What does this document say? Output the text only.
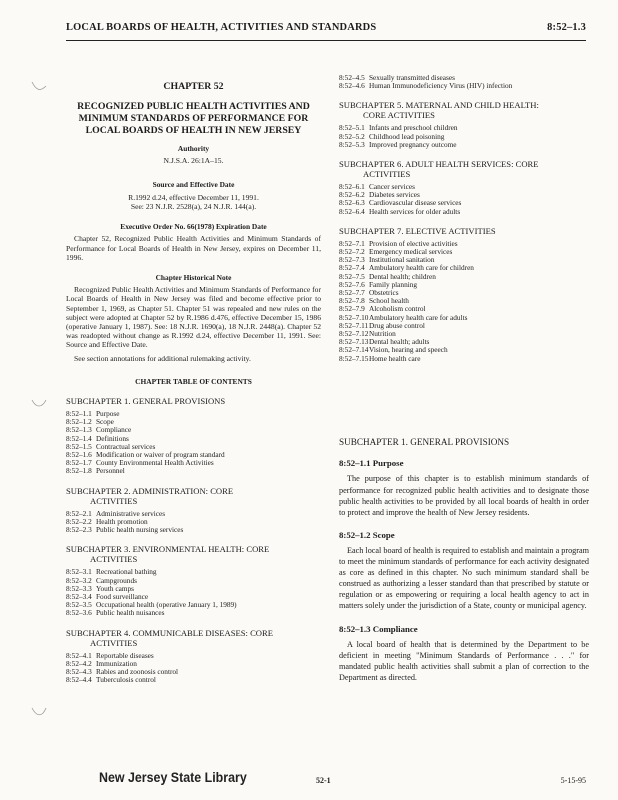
LOCAL BOARDS OF HEALTH, ACTIVITIES AND STANDARDS	8:52–1.3
CHAPTER 52
RECOGNIZED PUBLIC HEALTH ACTIVITIES AND MINIMUM STANDARDS OF PERFORMANCE FOR LOCAL BOARDS OF HEALTH IN NEW JERSEY
Authority
N.J.S.A. 26:1A–15.
Source and Effective Date
R.1992 d.24, effective December 11, 1991.
See: 23 N.J.R. 2528(a), 24 N.J.R. 144(a).
Executive Order No. 66(1978) Expiration Date

Chapter 52, Recognized Public Health Activities and Minimum Standards of Performance for Local Boards of Health in New Jersey, expires on December 11, 1996.

Chapter Historical Note

Recognized Public Health Activities and Minimum Standards of Performance for Local Boards of Health in New Jersey was filed and become effective prior to September 1, 1969, as Chapter 51. Chapter 51 was repealed and new rules on the subject were adopted at Chapter 52 by R.1986 d.476, effective December 15, 1986 (operative January 1, 1987). See: 18 N.J.R. 1690(a), 18 N.J.R. 2448(a). Chapter 52 was readopted without change as R.1992 d.24, effective December 11, 1991. See: Source and Effective Date.

See section annotations for additional rulemaking activity.

CHAPTER TABLE OF CONTENTS
SUBCHAPTER 1. GENERAL PROVISIONS
8:52–1.1 Purpose
8:52–1.2 Scope
8:52–1.3 Compliance
8:52–1.4 Definitions
8:52–1.5 Contractual services
8:52–1.6 Modification or waiver of program standard
8:52–1.7 County Environmental Health Activities
8:52–1.8 Personnel
SUBCHAPTER 2. ADMINISTRATION: CORE
ACTIVITIES
8:52–2.1 Administrative services
8:52–2.2 Health promotion
8:52–2.3 Public health nursing services
SUBCHAPTER 3. ENVIRONMENTAL HEALTH: CORE
ACTIVITIES
8:52–3.1 Recreational bathing
8:52–3.2 Campgrounds
8:52–3.3 Youth camps
8:52–3.4 Food surveillance
8:52–3.5 Occupational health (operative January 1, 1989)
8:52–3.6 Public health nuisances
SUBCHAPTER 4. COMMUNICABLE DISEASES: CORE
ACTIVITIES
8:52–4.1 Reportable diseases
8:52–4.2 Immunization
8:52–4.3 Rabies and zoonosis control
8:52–4.4 Tuberculosis control
8:52–4.5 Sexually transmitted diseases
8:52–4.6 Human Immunodeficiency Virus (HIV) infection
SUBCHAPTER 5. MATERNAL AND CHILD HEALTH:
CORE ACTIVITIES
8:52–5.1 Infants and preschool children
8:52–5.2 Childhood lead poisoning
8:52–5.3 Improved pregnancy outcome
SUBCHAPTER 6. ADULT HEALTH SERVICES: CORE
ACTIVITIES
8:52–6.1 Cancer services
8:52–6.2 Diabetes services
8:52–6.3 Cardiovascular disease services
8:52–6.4 Health services for older adults
SUBCHAPTER 7. ELECTIVE ACTIVITIES
8:52–7.1 Provision of elective activities
8:52–7.2 Emergency medical services
8:52–7.3 Institutional sanitation
8:52–7.4 Ambulatory health care for children
8:52–7.5 Dental health; children
8:52–7.6 Family planning
8:52–7.7 Obstetrics
8:52–7.8 School health
8:52–7.9 Alcoholism control
8:52–7.10 Ambulatory health care for adults
8:52–7.11 Drug abuse control
8:52–7.12 Nutrition
8:52–7.13 Dental health; adults
8:52–7.14 Vision, hearing and speech
8:52–7.15 Home health care
SUBCHAPTER 1. GENERAL PROVISIONS
8:52–1.1 Purpose

The purpose of this chapter is to establish minimum standards of performance for recognized public health activities and to designate those public health activities to be provided by all local boards of health in order to protect and improve the health of New Jersey residents.

8:52–1.2 Scope

Each local board of health is required to establish and maintain a program to meet the minimum standards of performance for each activity designated as core as defined in this chapter. No such minimum standard shall be construed as authorizing a lesser standard than that prescribed by statute or regulation or as empowering or requiring a local health agency to act in matters solely under the jurisdiction of a State, county or municipal agency.

8:52–1.3 Compliance

A local board of health that is determined by the Department to be deficient in meeting "Minimum Standards of Performance . . ." for mandated public health activities shall submit a plan of correction to the Department as directed.

New Jersey State Library	52-1	5-15-95
